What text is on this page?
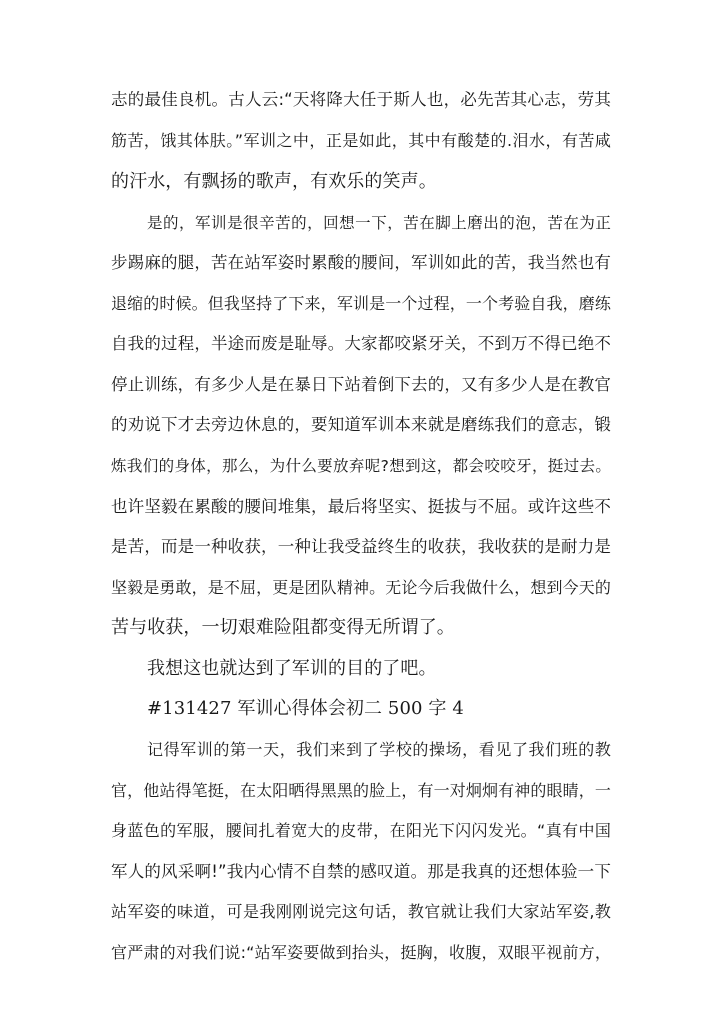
志的最佳良机。古人云:“天将降大任于斯人也，必先苦其心志，劳其
筋苦，饿其体肤。”军训之中，正是如此，其中有酸楚的.泪水，有苦咸
的汗水，有飘扬的歌声，有欢乐的笑声。
是的，军训是很辛苦的，回想一下，苦在脚上磨出的泡，苦在为正
步踢麻的腿，苦在站军姿时累酸的腰间，军训如此的苦，我当然也有
退缩的时候。但我坚持了下来，军训是一个过程，一个考验自我，磨练
自我的过程，半途而废是耻辱。大家都咬紧牙关，不到万不得已绝不
停止训练，有多少人是在暴日下站着倒下去的，又有多少人是在教官
的劝说下才去旁边休息的，要知道军训本来就是磨练我们的意志，锻
炼我们的身体，那么，为什么要放弃呢?想到这，都会咬咬牙，挺过去。
也许坚毅在累酸的腰间堆集，最后将坚实、挺拔与不屈。或许这些不
是苦，而是一种收获，一种让我受益终生的收获，我收获的是耐力是
坚毅是勇敢，是不屈，更是团队精神。无论今后我做什么，想到今天的
苦与收获，一切艰难险阻都变得无所谓了。
我想这也就达到了军训的目的了吧。
#131427 军训心得体会初二 500 字 4
记得军训的第一天，我们来到了学校的操场，看见了我们班的教
官，他站得笔挺，在太阳晒得黑黑的脸上，有一对炯炯有神的眼睛，一
身蓝色的军服，腰间扎着宽大的皮带，在阳光下闪闪发光。“真有中国
军人的风采啊!”我内心情不自禁的感叹道。那是我真的还想体验一下
站军姿的味道，可是我刚刚说完这句话，教官就让我们大家站军姿,教
官严肃的对我们说:“站军姿要做到抬头，挺胸，收腹，双眼平视前方，
